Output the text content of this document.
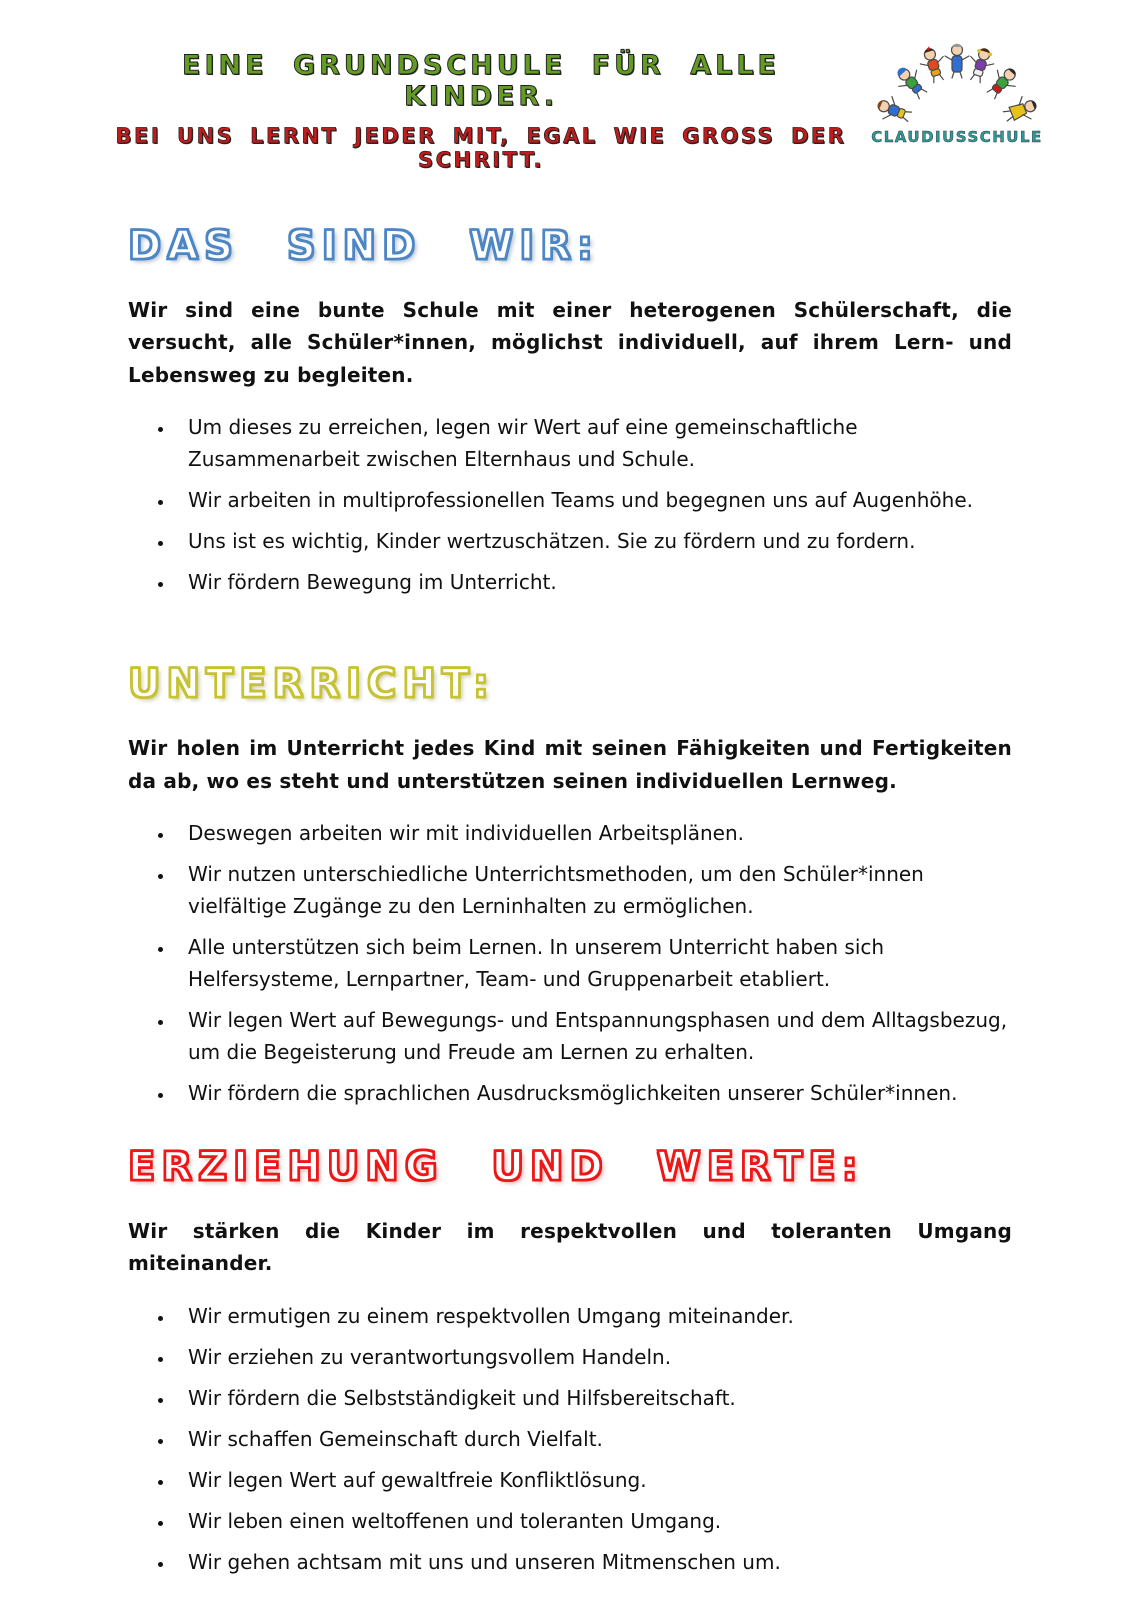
EINE GRUNDSCHULE FÜR ALLE KINDER.
BEI UNS LERNT JEDER MIT, EGAL WIE GROSS DER SCHRITT.
CLAUDIUSSCHULE
DAS SIND WIR:

Wir sind eine bunte Schule mit einer heterogenen Schülerschaft, die versucht, alle Schüler*innen, möglichst individuell, auf ihrem Lern- und Lebensweg zu begleiten.

• Um dieses zu erreichen, legen wir Wert auf eine gemeinschaftliche Zusammenarbeit zwischen Elternhaus und Schule.
• Wir arbeiten in multiprofessionellen Teams und begegnen uns auf Augenhöhe.
• Uns ist es wichtig, Kinder wertzuschätzen. Sie zu fördern und zu fordern.
• Wir fördern Bewegung im Unterricht.
UNTERRICHT:

Wir holen im Unterricht jedes Kind mit seinen Fähigkeiten und Fertigkeiten da ab, wo es steht und unterstützen seinen individuellen Lernweg.

• Deswegen arbeiten wir mit individuellen Arbeitsplänen.
• Wir nutzen unterschiedliche Unterrichtsmethoden, um den Schüler*innen vielfältige Zugänge zu den Lerninhalten zu ermöglichen.
• Alle unterstützen sich beim Lernen. In unserem Unterricht haben sich Helfersysteme, Lernpartner, Team- und Gruppenarbeit etabliert.
• Wir legen Wert auf Bewegungs- und Entspannungsphasen und dem Alltagsbezug, um die Begeisterung und Freude am Lernen zu erhalten.
• Wir fördern die sprachlichen Ausdrucksmöglichkeiten unserer Schüler*innen.
ERZIEHUNG UND WERTE:

Wir stärken die Kinder im respektvollen und toleranten Umgang miteinander.

• Wir ermutigen zu einem respektvollen Umgang miteinander.
• Wir erziehen zu verantwortungsvollem Handeln.
• Wir fördern die Selbstständigkeit und Hilfsbereitschaft.
• Wir schaffen Gemeinschaft durch Vielfalt.
• Wir legen Wert auf gewaltfreie Konfliktlösung.
• Wir leben einen weltoffenen und toleranten Umgang.
• Wir gehen achtsam mit uns und unseren Mitmenschen um.
